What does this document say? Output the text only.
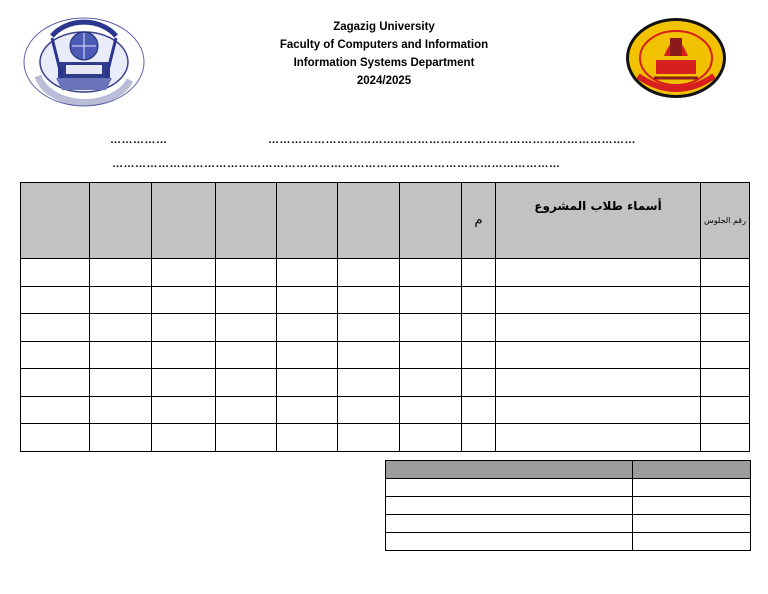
Zagazig University
Faculty of Computers and Information
Information Systems Department
2024/2025
……………	……………………………………………………………………………………
………………………………………………………………………………………………………
							م	أسماء طلاب المشروع	رقم الجلوس
